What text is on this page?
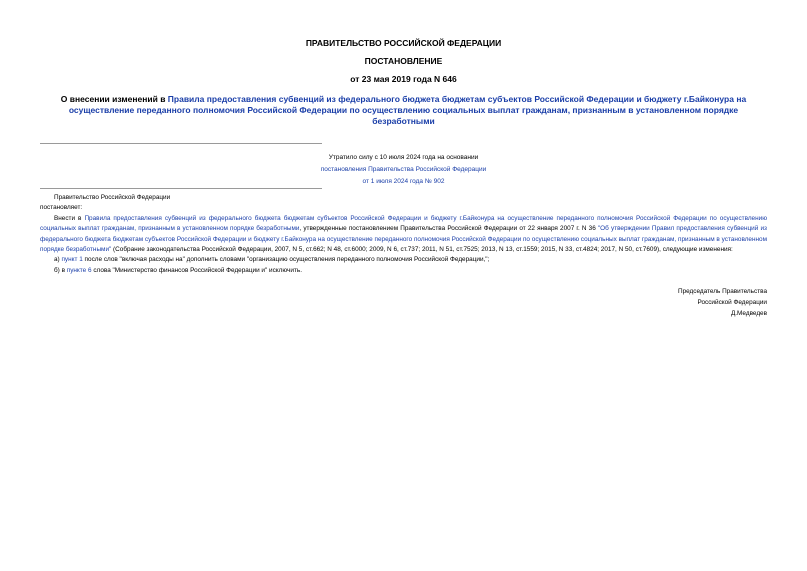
ПРАВИТЕЛЬСТВО РОССИЙСКОЙ ФЕДЕРАЦИИ
ПОСТАНОВЛЕНИЕ
от 23 мая 2019 года N 646
О внесении изменений в Правила предоставления субвенций из федерального бюджета бюджетам субъектов Российской Федерации и бюджету г.Байконура на осуществление переданного полномочия Российской Федерации по осуществлению социальных выплат гражданам, признанным в установленном порядке безработными
Утратило силу с 10 июля 2024 года на основании
постановления Правительства Российской Федерации
от 1 июля 2024 года № 902

Правительство Российской Федерации

постановляет:

Внести в Правила предоставления субвенций из федерального бюджета бюджетам субъектов Российской Федерации и бюджету г.Байконура на осуществление переданного полномочия Российской Федерации по осуществлению социальных выплат гражданам, признанным в установленном порядке безработными, утвержденные постановлением Правительства Российской Федерации от 22 января 2007 г. N 36 "Об утверждении Правил предоставления субвенций из федерального бюджета бюджетам субъектов Российской Федерации и бюджету г.Байконура на осуществление переданного полномочия Российской Федерации по осуществлению социальных выплат гражданам, признанным в установленном порядке безработными" (Собрание законодательства Российской Федерации, 2007, N 5, ст.662; N 48, ст.6000; 2009, N 6, ст.737; 2011, N 51, ст.7525; 2013, N 13, ст.1559; 2015, N 33, ст.4824; 2017, N 50, ст.7609), следующие изменения:

а) пункт 1 после слов "включая расходы на" дополнить словами "организацию осуществления переданного полномочия Российской Федерации,";

б) в пункте 6 слова "Министерство финансов Российской Федерации и" исключить.

Председатель Правительства
Российской Федерации
Д.Медведев
